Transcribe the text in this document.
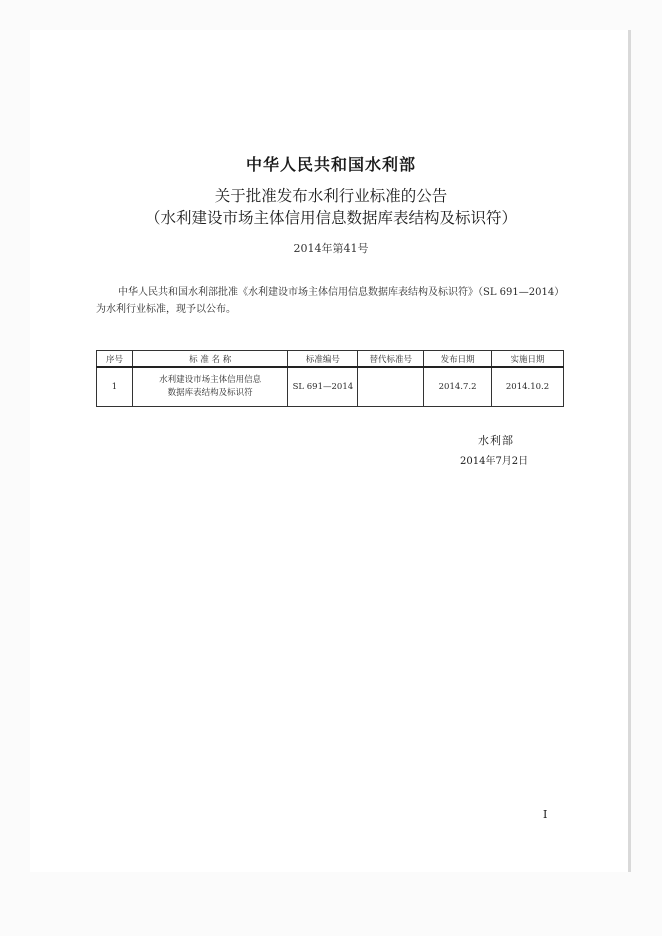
中华人民共和国水利部
关于批准发布水利行业标准的公告
（水利建设市场主体信用信息数据库表结构及标识符）
2014年第41号
中华人民共和国水利部批准《水利建设市场主体信用信息数据库表结构及标识符》（SL 691—2014）为水利行业标准，现予以公布。
序号	标 准 名 称	标准编号	替代标准号	发布日期	实施日期
1	水利建设市场主体信用信息
数据库表结构及标识符	SL 691—2014		2014.7.2	2014.10.2
水利部
2014年7月2日
I
